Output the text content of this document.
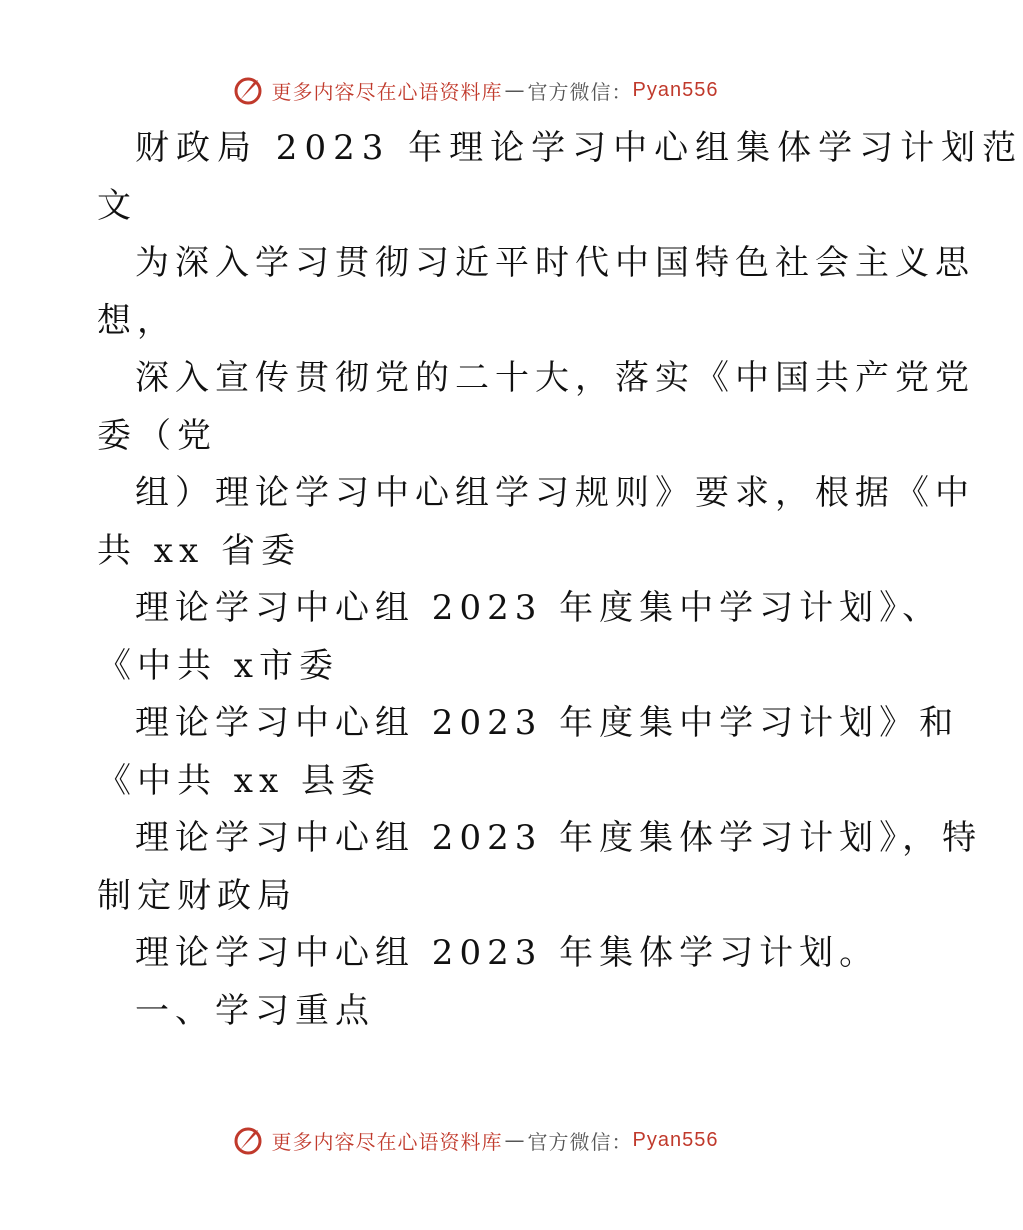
更多内容尽在心语资料库 — 官方微信： Pyan556
财政局 2023 年理论学习中心组集体学习计划范
文
为深入学习贯彻习近平时代中国特色社会主义思
想，
深入宣传贯彻党的二十大，落实《中国共产党党
委（党
组）理论学习中心组学习规则》要求，根据《中
共 xx 省委
理论学习中心组 2023 年度集中学习计划》、
《中共 x市委
理论学习中心组 2023 年度集中学习计划》和
《中共 xx 县委
理论学习中心组 2023 年度集体学习计划》，特
制定财政局
理论学习中心组 2023 年集体学习计划。
一、学习重点
更多内容尽在心语资料库 — 官方微信： Pyan556
